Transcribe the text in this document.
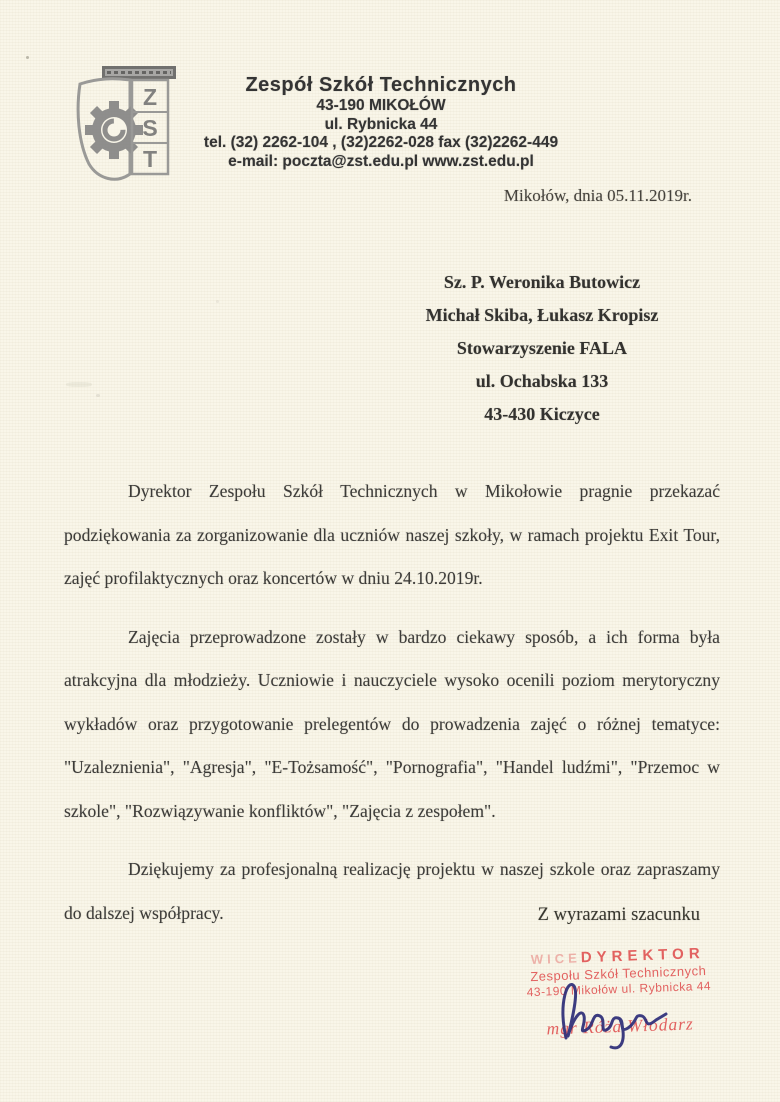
Z
S
T
Zespół Szkół Technicznych
43-190 MIKOŁÓW
ul. Rybnicka 44
tel. (32) 2262-104 , (32)2262-028 fax (32)2262-449
e-mail: poczta@zst.edu.pl www.zst.edu.pl
Mikołów, dnia 05.11.2019r.
Sz. P. Weronika Butowicz
Michał Skiba, Łukasz Kropisz
Stowarzyszenie FALA
ul. Ochabska 133
43-430 Kiczyce

Dyrektor Zespołu Szkół Technicznych w Mikołowie pragnie przekazać podziękowania za zorganizowanie dla uczniów naszej szkoły, w ramach projektu Exit Tour, zajęć profilaktycznych oraz koncertów w dniu 24.10.2019r.

Zajęcia przeprowadzone zostały w bardzo ciekawy sposób, a ich forma była atrakcyjna dla młodzieży. Uczniowie i nauczyciele wysoko ocenili poziom merytoryczny wykładów oraz przygotowanie prelegentów do prowadzenia zajęć o różnej tematyce: "Uzaleznienia", "Agresja", "E-Tożsamość", "Pornografia", "Handel ludźmi", "Przemoc w szkole", "Rozwiązywanie konfliktów", "Zajęcia z zespołem".

Dziękujemy za profesjonalną realizację projektu w naszej szkole oraz zapraszamy do dalszej współpracy.	Z wyrazami szacunku
WICEDYREKTOR
Zespołu Szkół Technicznych
43-190 Mikołów ul. Rybnicka 44
mgr Róża Włodarz
